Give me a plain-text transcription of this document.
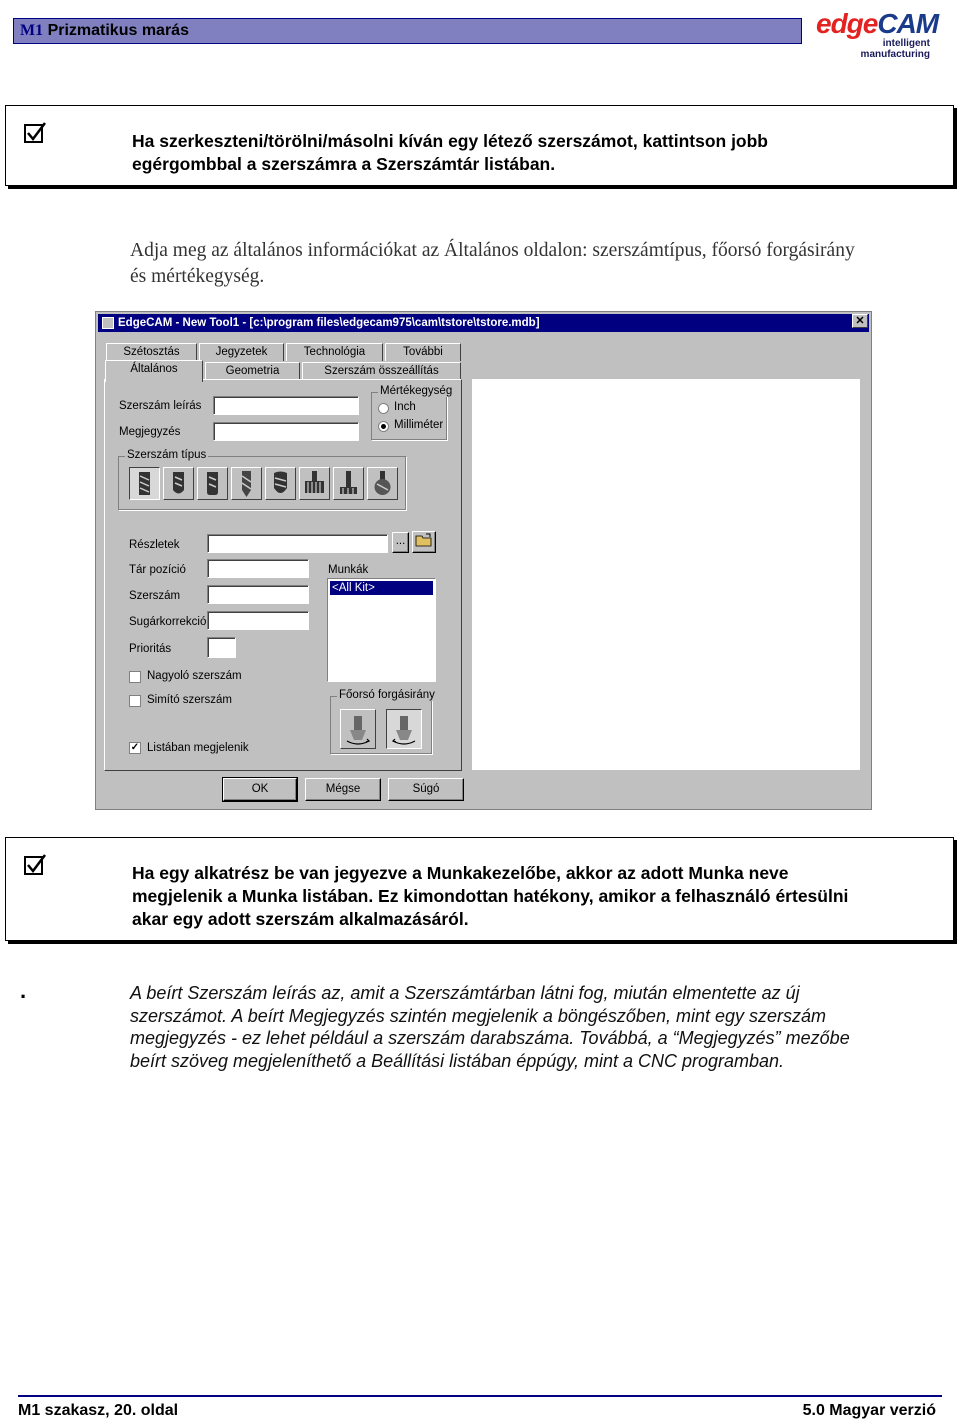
M1 Prizmatikus marás	edgeCAM
intelligent
manufacturing
Ha szerkeszteni/törölni/másolni kíván egy létező szerszámot, kattintson jobb
egérgombbal a szerszámra a Szerszámtár listában.
Adja meg az általános információkat az Általános oldalon: szerszámtípus, főorsó forgásirány
és mértékegység.
EdgeCAM - New Tool1 - [c:\program files\edgecam975\cam\tstore\tstore.mdb]	✕
Szétosztás	Jegyzetek	Technológia	További
Általános	Geometria	Szerszám összeállítás
Szerszám leírás
Megjegyzés
Mértékegység
Inch
Milliméter
Szerszám típus
Részletek	...
Tár pozíció
Szerszám
Sugárkorrekció
Prioritás
Munkák
<All Kit>
Nagyoló szerszám
Simító szerszám
✓ Listában megjelenik
Főorsó forgásirány
OK	Mégse	Súgó
Ha egy alkatrész be van jegyezve a Munkakezelőbe, akkor az adott Munka neve
megjelenik a Munka listában. Ez kimondottan hatékony, amikor a felhasználó értesülni
akar egy adott szerszám alkalmazásáról.
.	A beírt Szerszám leírás az, amit a Szerszámtárban látni fog, miután elmentette az új
szerszámot. A beírt Megjegyzés szintén megjelenik a böngészőben, mint egy szerszám
megjegyzés - ez lehet például a szerszám darabszáma. Továbbá, a “Megjegyzés” mezőbe
beírt szöveg megjeleníthető a Beállítási listában éppúgy, mint a CNC programban.
M1 szakasz, 20. oldal	5.0 Magyar verzió
